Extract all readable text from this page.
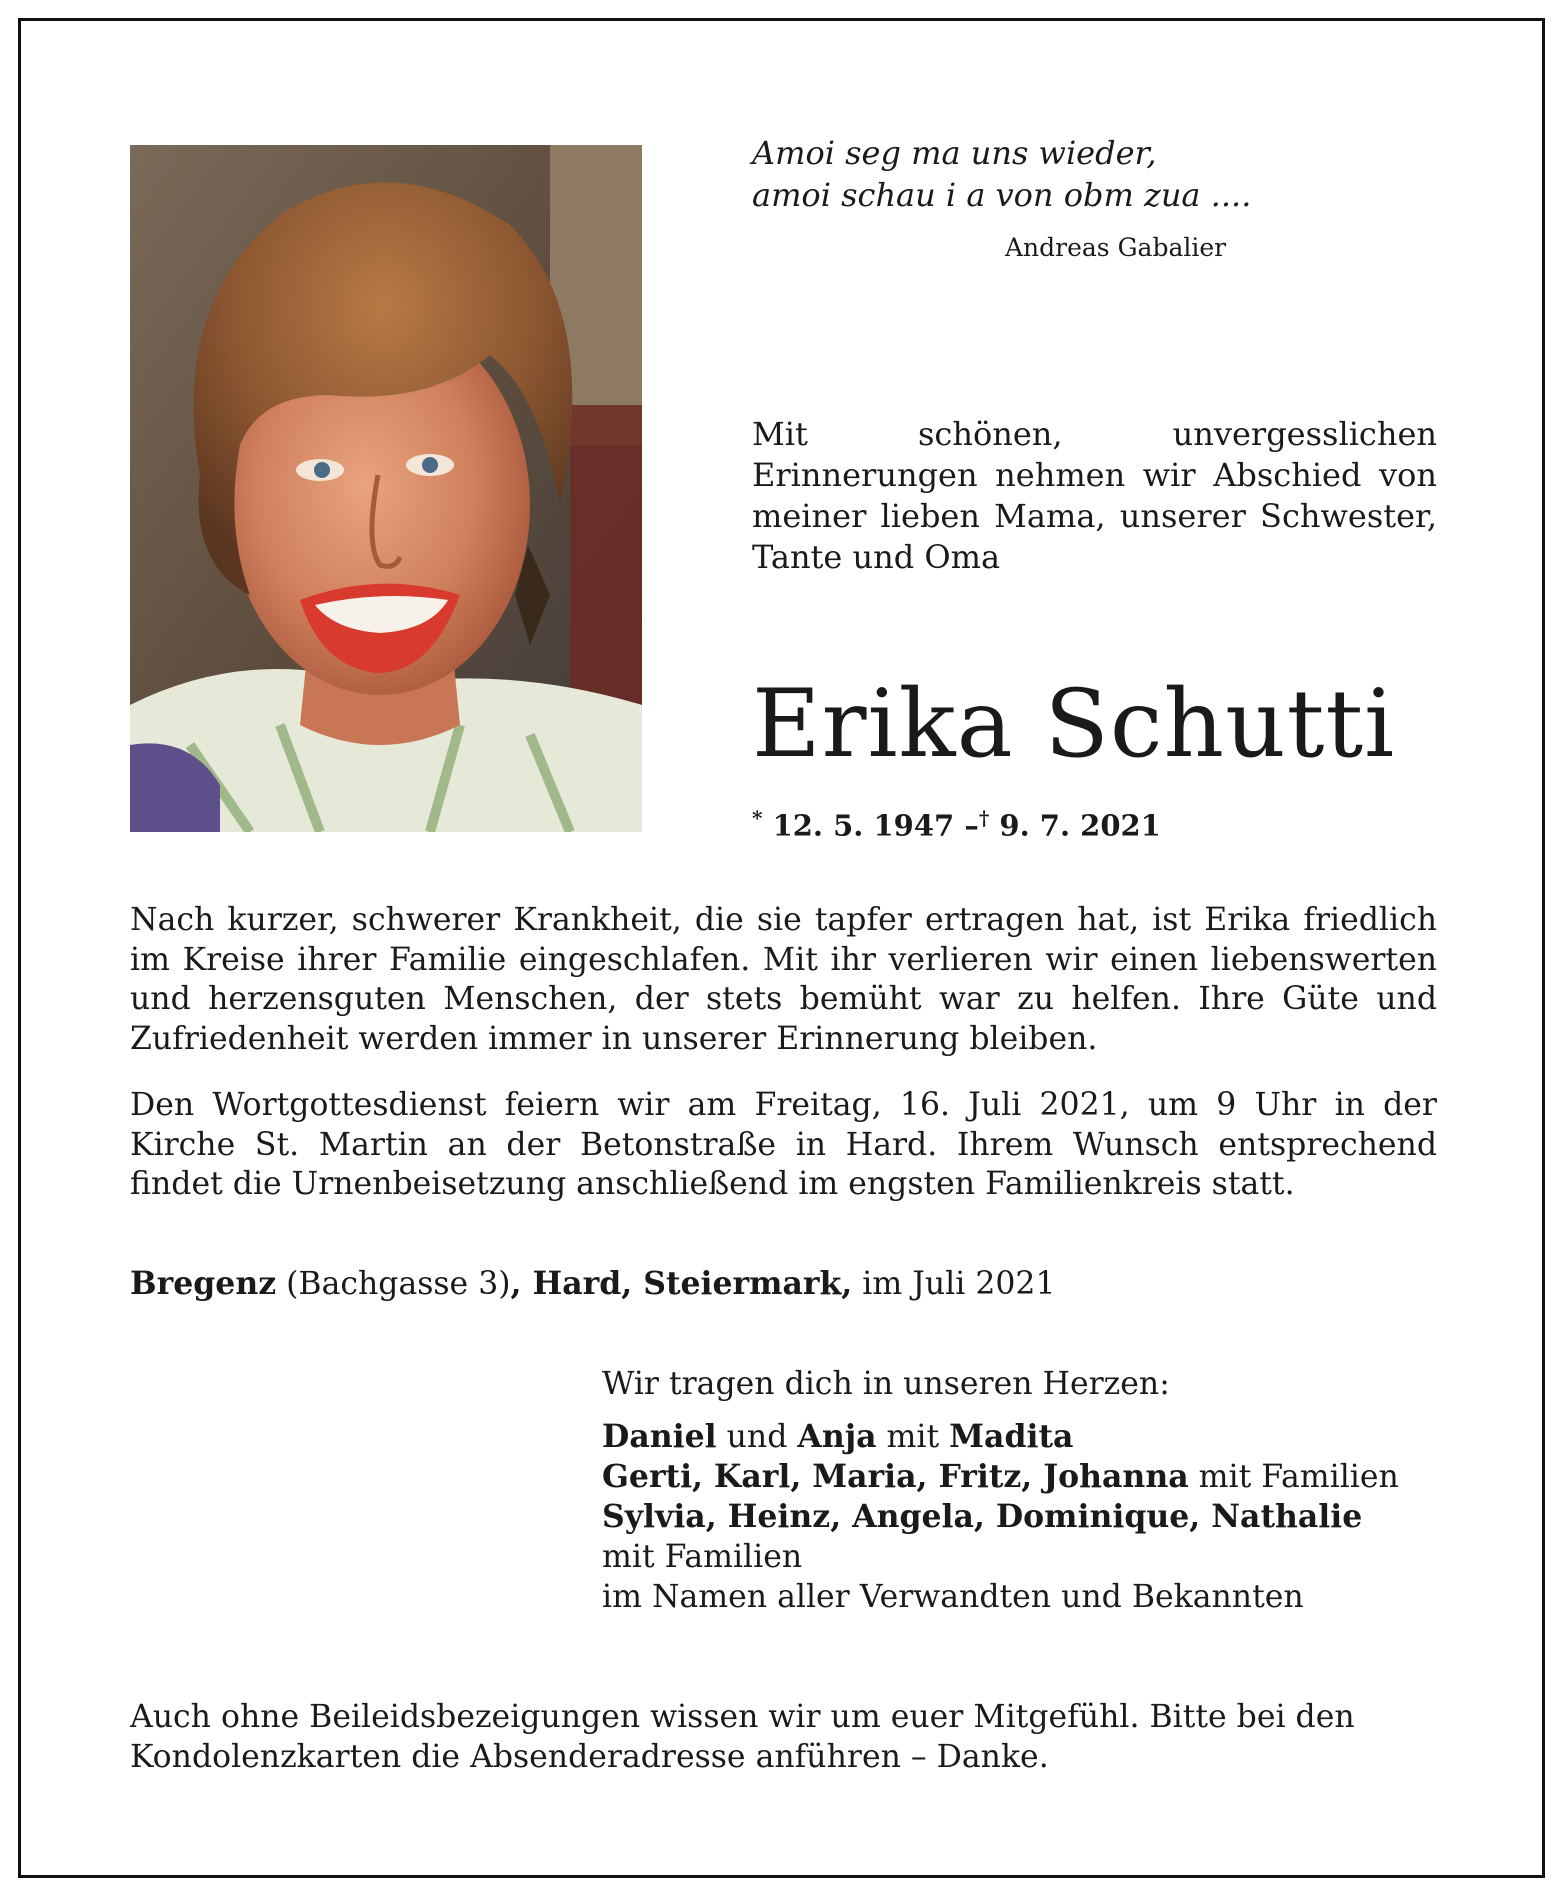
Amoi seg ma uns wieder,
amoi schau i a von obm zua ....
Andreas Gabalier
Mit schönen, unvergesslichen Erinnerungen nehmen wir Abschied von meiner lieben Mama, unserer Schwester, Tante und Oma
Erika Schutti
* 12. 5. 1947 –† 9. 7. 2021
Nach kurzer, schwerer Krankheit, die sie tapfer ertragen hat, ist Erika friedlich im Kreise ihrer Familie eingeschlafen. Mit ihr verlieren wir einen liebenswerten und herzensguten Menschen, der stets bemüht war zu helfen. Ihre Güte und Zufriedenheit werden immer in unserer Erinnerung bleiben.
Den Wortgottesdienst feiern wir am Freitag, 16. Juli 2021, um 9 Uhr in der Kirche St. Martin an der Betonstraße in Hard. Ihrem Wunsch entsprechend findet die Urnenbeisetzung anschließend im engsten Familienkreis statt.
Bregenz (Bachgasse 3), Hard, Steiermark, im Juli 2021
Wir tragen dich in unseren Herzen:
Daniel und Anja mit Madita
Gerti, Karl, Maria, Fritz, Johanna mit Familien
Sylvia, Heinz, Angela, Dominique, Nathalie
mit Familien
im Namen aller Verwandten und Bekannten
Auch ohne Beileidsbezeigungen wissen wir um euer Mitgefühl. Bitte bei den Kondolenzkarten die Absenderadresse anführen – Danke.
